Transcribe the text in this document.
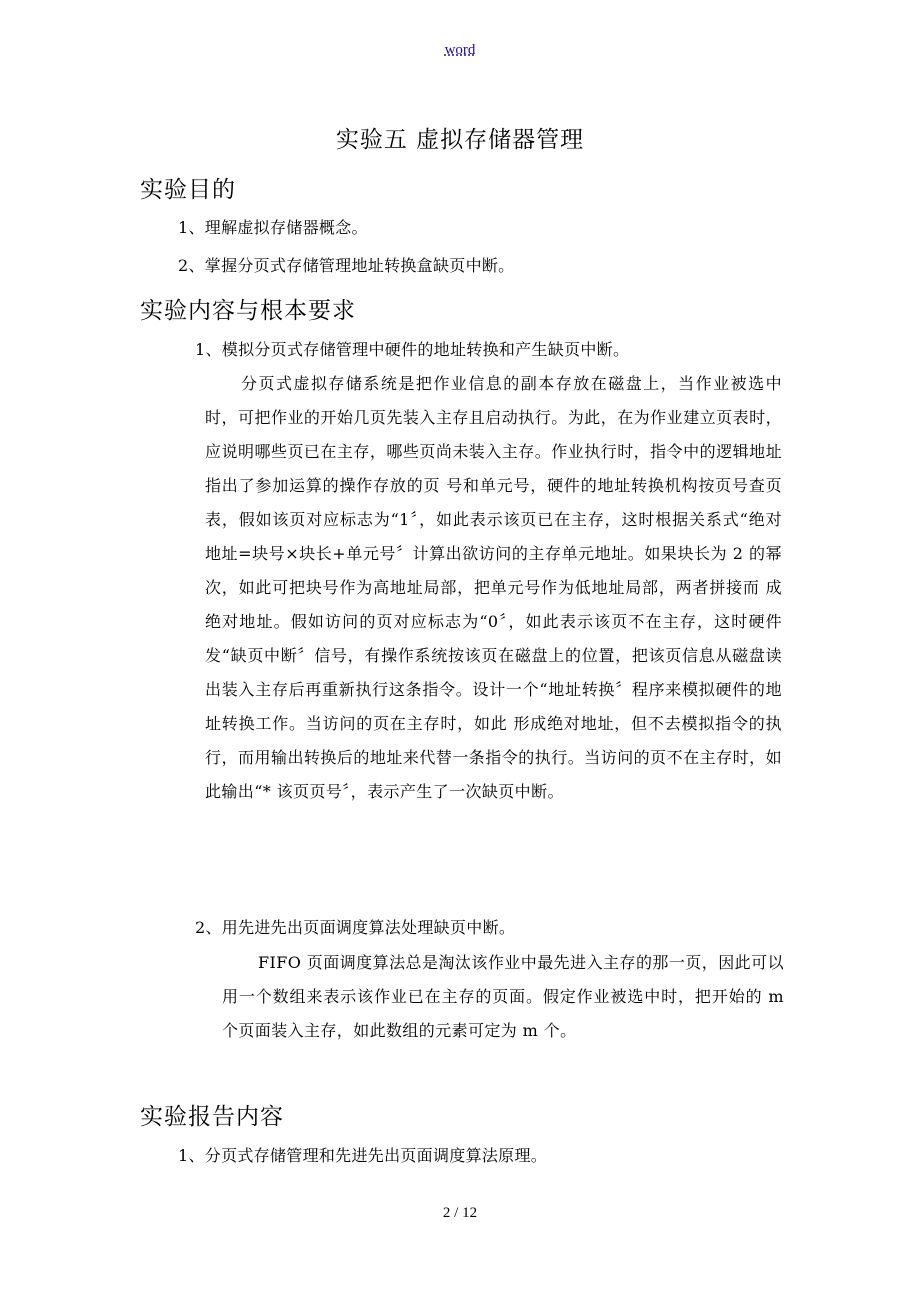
word
实验五 虚拟存储器管理
实验目的
1、理解虚拟存储器概念。
2、掌握分页式存储管理地址转换盒缺页中断。
实验内容与根本要求
1、模拟分页式存储管理中硬件的地址转换和产生缺页中断。
分页式虚拟存储系统是把作业信息的副本存放在磁盘上，当作业被选中时，可把作业的开始几页先装入主存且启动执行。为此，在为作业建立页表时，应说明哪些页已在主存，哪些页尚未装入主存。作业执行时，指令中的逻辑地址指出了参加运算的操作存放的页 号和单元号，硬件的地址转换机构按页号查页表，假如该页对应标志为“1〞，如此表示该页已在主存，这时根据关系式“绝对地址=块号×块长+单元号〞计算出欲访问的主存单元地址。如果块长为 2 的幂次，如此可把块号作为高地址局部，把单元号作为低地址局部，两者拼接而 成绝对地址。假如访问的页对应标志为“0〞，如此表示该页不在主存，这时硬件发“缺页中断〞信号，有操作系统按该页在磁盘上的位置，把该页信息从磁盘读出装入主存后再重新执行这条指令。设计一个“地址转换〞程序来模拟硬件的地址转换工作。当访问的页在主存时，如此 形成绝对地址，但不去模拟指令的执行，而用输出转换后的地址来代替一条指令的执行。当访问的页不在主存时，如此输出“* 该页页号〞，表示产生了一次缺页中断。
2、用先进先出页面调度算法处理缺页中断。
FIFO 页面调度算法总是淘汰该作业中最先进入主存的那一页，因此可以用一个数组来表示该作业已在主存的页面。假定作业被选中时，把开始的 m 个页面装入主存，如此数组的元素可定为 m 个。
实验报告内容
1、分页式存储管理和先进先出页面调度算法原理。
2 / 12
